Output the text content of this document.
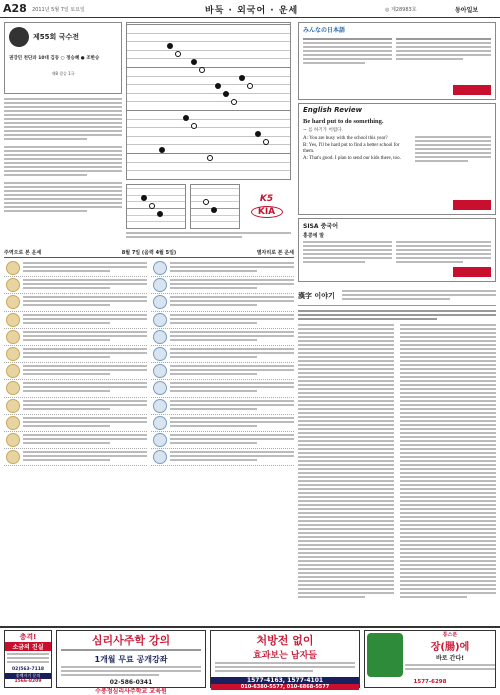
A28 2011년 5월 7일 토요일	바둑 · 외국어 · 운세	◎ 제28983호	동아일보
제55회 국수전
권강민 천단과 10대 김동 ○ 정승혜 ● 조한승
제8 결승 1국
K5
KIA
みんなの日本語
English Review
Be hard put to do something.
~ 를 하기가 어렵다.
A: You are busy with the school this year?
B: Yes, I'll be hard put to find a better school for them.
A: That's good. I plan to send our kids there, too.
SISA 중국어
홍콩에 말
주역으로 본 운세	8월 7일 (음력 4월 5일)	별자리로 본 운세
漢字 이야기
충격!
소금의 진실
02)563-7118
송백자기 문의
1566-8209
심리사주학 강의
1개월 무료 공개강좌
02-586-0341
수풍정심리사주학교 교육원
처방전 없이
효과보는 남자들
1577-4163, 1577-4101
010-6380-5577, 010-6868-5577
통스푼
장(腸)에
바로 간다!
1577-6298
